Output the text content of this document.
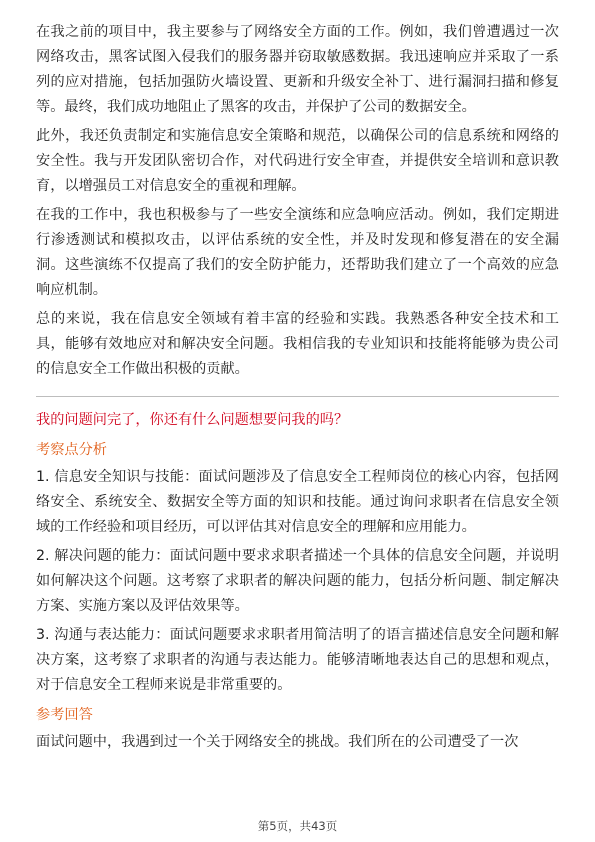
在我之前的项目中，我主要参与了网络安全方面的工作。例如，我们曾遭遇过一次网络攻击，黑客试图入侵我们的服务器并窃取敏感数据。我迅速响应并采取了一系列的应对措施，包括加强防火墙设置、更新和升级安全补丁、进行漏洞扫描和修复等。最终，我们成功地阻止了黑客的攻击，并保护了公司的数据安全。

此外，我还负责制定和实施信息安全策略和规范，以确保公司的信息系统和网络的安全性。我与开发团队密切合作，对代码进行安全审查，并提供安全培训和意识教育，以增强员工对信息安全的重视和理解。

在我的工作中，我也积极参与了一些安全演练和应急响应活动。例如，我们定期进行渗透测试和模拟攻击，以评估系统的安全性，并及时发现和修复潜在的安全漏洞。这些演练不仅提高了我们的安全防护能力，还帮助我们建立了一个高效的应急响应机制。

总的来说，我在信息安全领域有着丰富的经验和实践。我熟悉各种安全技术和工具，能够有效地应对和解决安全问题。我相信我的专业知识和技能将能够为贵公司的信息安全工作做出积极的贡献。

我的问题问完了，你还有什么问题想要问我的吗？

考察点分析

1. 信息安全知识与技能：面试问题涉及了信息安全工程师岗位的核心内容，包括网络安全、系统安全、数据安全等方面的知识和技能。通过询问求职者在信息安全领域的工作经验和项目经历，可以评估其对信息安全的理解和应用能力。

2. 解决问题的能力：面试问题中要求求职者描述一个具体的信息安全问题，并说明如何解决这个问题。这考察了求职者的解决问题的能力，包括分析问题、制定解决方案、实施方案以及评估效果等。

3. 沟通与表达能力：面试问题要求求职者用简洁明了的语言描述信息安全问题和解决方案，这考察了求职者的沟通与表达能力。能够清晰地表达自己的思想和观点，对于信息安全工程师来说是非常重要的。

参考回答

面试问题中，我遇到过一个关于网络安全的挑战。我们所在的公司遭受了一次

第5页，共43页
